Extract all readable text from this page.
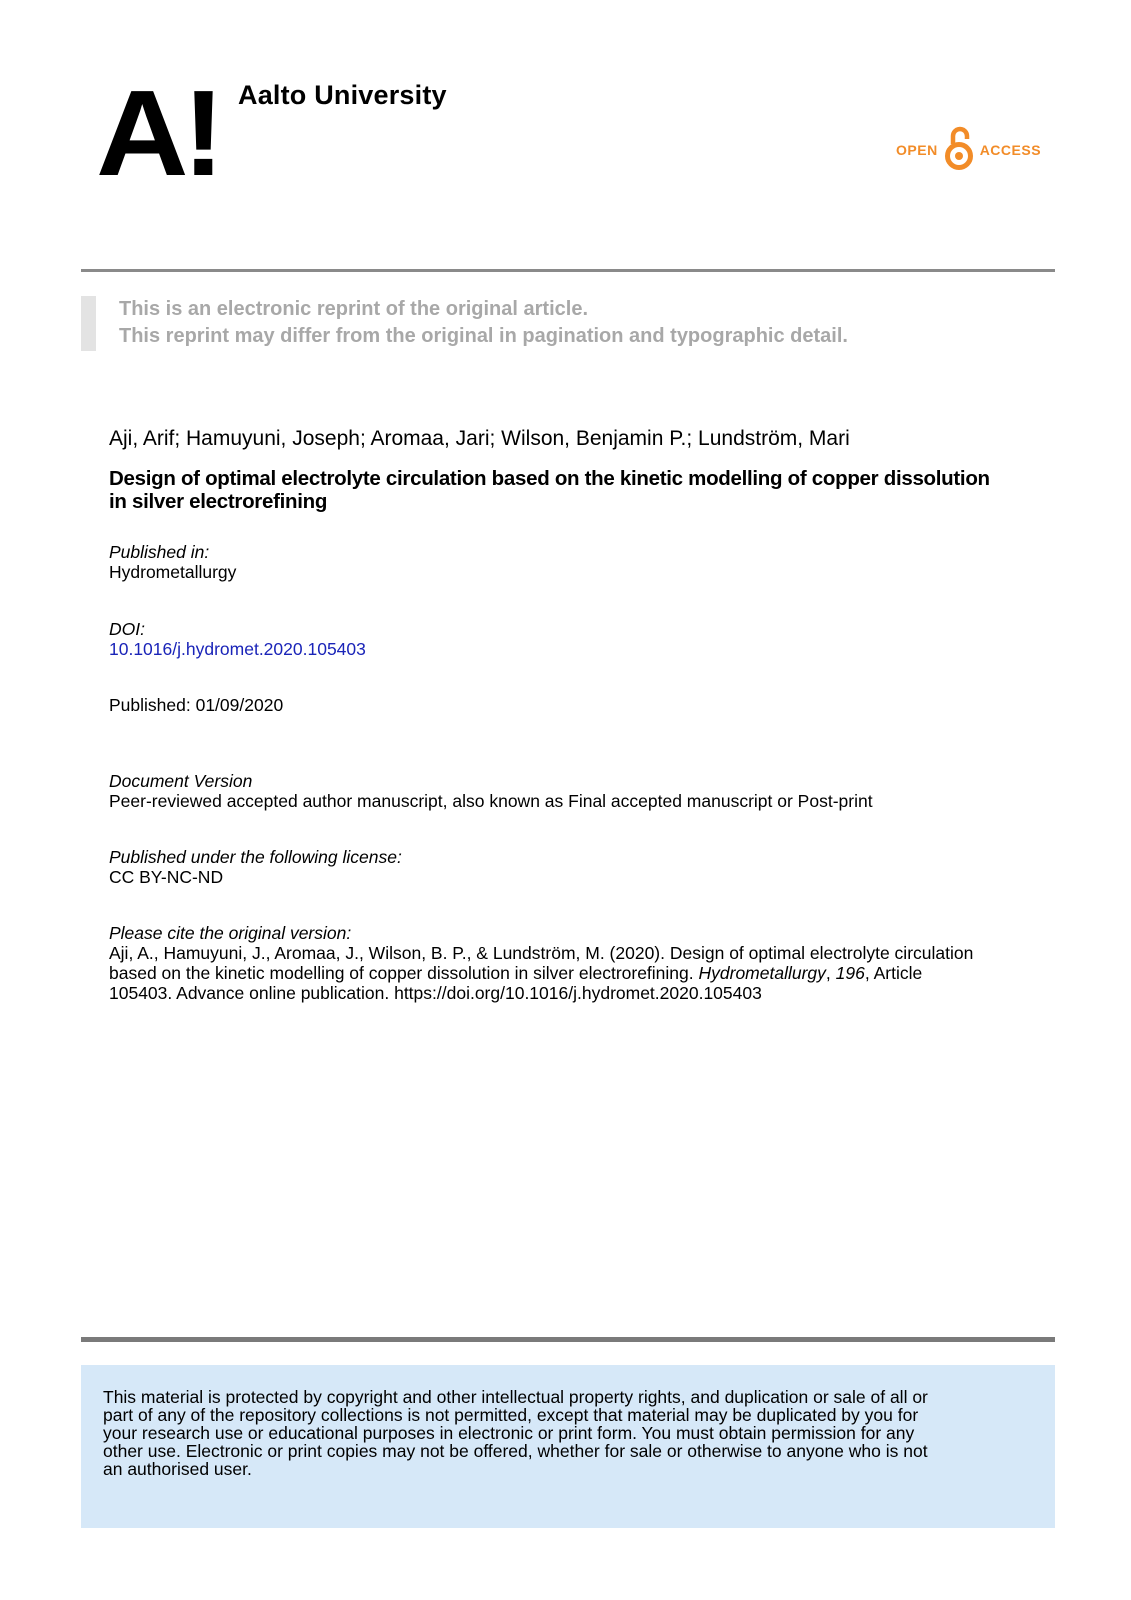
A! Aalto University
OPEN	ACCESS
This is an electronic reprint of the original article.
This reprint may differ from the original in pagination and typographic detail.
Aji, Arif; Hamuyuni, Joseph; Aromaa, Jari; Wilson, Benjamin P.; Lundström, Mari
Design of optimal electrolyte circulation based on the kinetic modelling of copper dissolution
in silver electrorefining
Published in:
Hydrometallurgy
DOI:
10.1016/j.hydromet.2020.105403
Published: 01/09/2020
Document Version
Peer-reviewed accepted author manuscript, also known as Final accepted manuscript or Post-print
Published under the following license:
CC BY-NC-ND
Please cite the original version:
Aji, A., Hamuyuni, J., Aromaa, J., Wilson, B. P., & Lundström, M. (2020). Design of optimal electrolyte circulation
based on the kinetic modelling of copper dissolution in silver electrorefining. Hydrometallurgy, 196, Article
105403. Advance online publication. https://doi.org/10.1016/j.hydromet.2020.105403
This material is protected by copyright and other intellectual property rights, and duplication or sale of all or
part of any of the repository collections is not permitted, except that material may be duplicated by you for
your research use or educational purposes in electronic or print form. You must obtain permission for any
other use. Electronic or print copies may not be offered, whether for sale or otherwise to anyone who is not
an authorised user.
